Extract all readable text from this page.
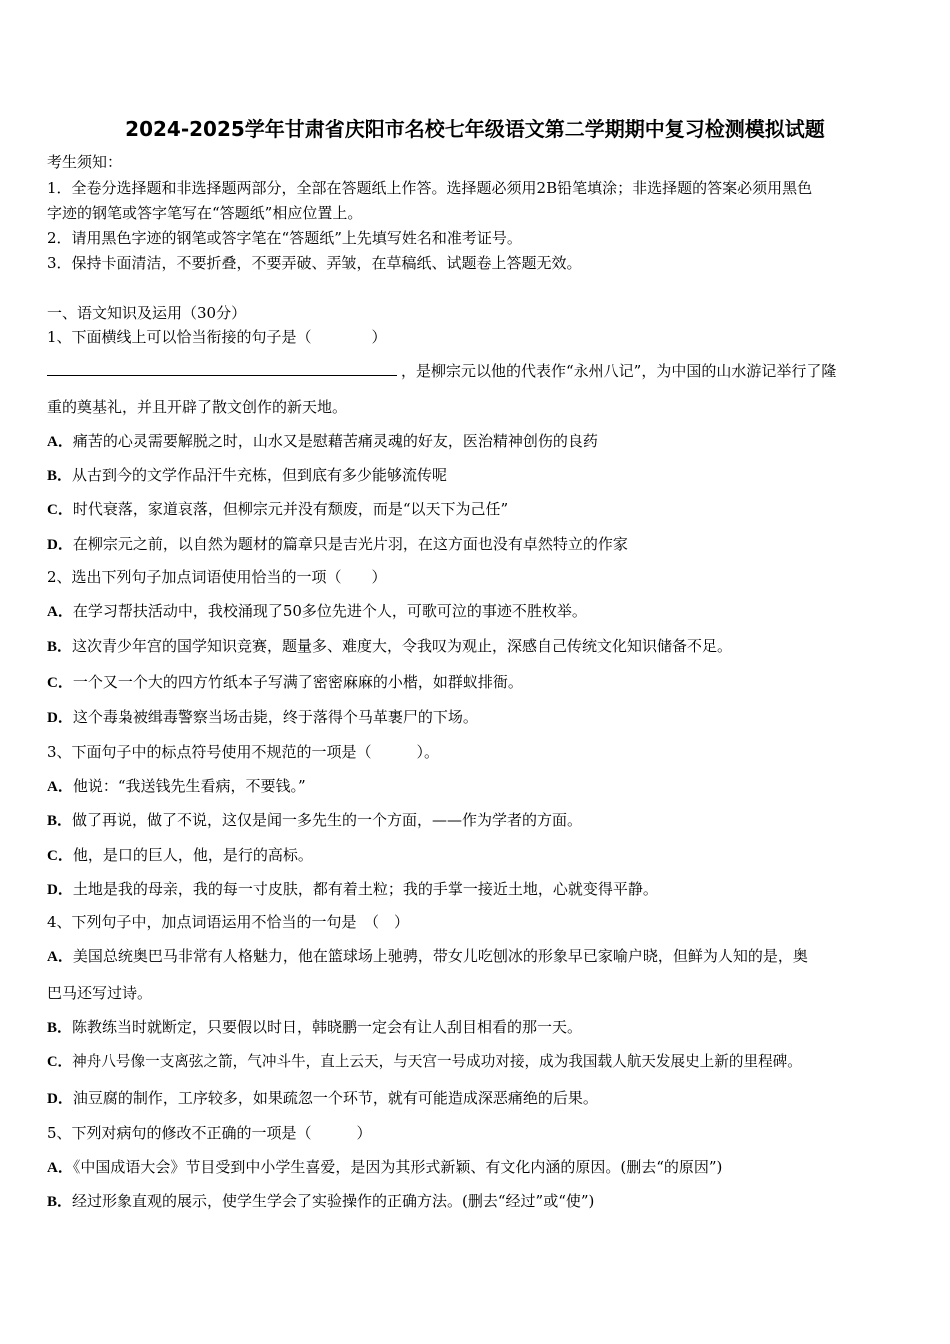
2024-2025学年甘肃省庆阳市名校七年级语文第二学期期中复习检测模拟试题
考生须知：
1．全卷分选择题和非选择题两部分，全部在答题纸上作答。选择题必须用2B铅笔填涂；非选择题的答案必须用黑色
字迹的钢笔或答字笔写在“答题纸”相应位置上。
2．请用黑色字迹的钢笔或答字笔在“答题纸”上先填写姓名和准考证号。
3．保持卡面清洁，不要折叠，不要弄破、弄皱，在草稿纸、试题卷上答题无效。
一、语文知识及运用（30分）
1、下面横线上可以恰当衔接的句子是（　　　　）
，是柳宗元以他的代表作“永州八记”，为中国的山水游记举行了隆
重的奠基礼，并且开辟了散文创作的新天地。
A．痛苦的心灵需要解脱之时，山水又是慰藉苦痛灵魂的好友，医治精神创伤的良药
B．从古到今的文学作品汗牛充栋，但到底有多少能够流传呢
C．时代衰落，家道哀落，但柳宗元并没有颓废，而是“以天下为己任”
D．在柳宗元之前，以自然为题材的篇章只是吉光片羽，在这方面也没有卓然特立的作家
2、选出下列句子加点词语使用恰当的一项（　　）
A．在学习帮扶活动中，我校涌现了50多位先进个人，可歌可泣的事迹不胜枚举。
B．这次青少年宫的国学知识竞赛，题量多、难度大，令我叹为观止，深感自己传统文化知识储备不足。
C．一个又一个大的四方竹纸本子写满了密密麻麻的小楷，如群蚁排衙。
D．这个毒枭被缉毒警察当场击毙，终于落得个马革裹尸的下场。
3、下面句子中的标点符号使用不规范的一项是（　　　）。
A．他说：“我送钱先生看病，不要钱。”
B．做了再说，做了不说，这仅是闻一多先生的一个方面，——作为学者的方面。
C．他，是口的巨人，他，是行的高标。
D．土地是我的母亲，我的每一寸皮肤，都有着土粒；我的手掌一接近土地，心就变得平静。
4、下列句子中，加点词语运用不恰当的一句是　（　）
A．美国总统奥巴马非常有人格魅力，他在篮球场上驰骋，带女儿吃刨冰的形象早已家喻户晓，但鲜为人知的是，奥
巴马还写过诗。
B．陈教练当时就断定，只要假以时日，韩晓鹏一定会有让人刮目相看的那一天。
C．神舟八号像一支离弦之箭，气冲斗牛，直上云天，与天宫一号成功对接，成为我国载人航天发展史上新的里程碑。
D．油豆腐的制作，工序较多，如果疏忽一个环节，就有可能造成深恶痛绝的后果。
5、下列对病句的修改不正确的一项是（　　　）
A．《中国成语大会》节目受到中小学生喜爱，是因为其形式新颖、有文化内涵的原因。(删去“的原因”)
B．经过形象直观的展示，使学生学会了实验操作的正确方法。(删去“经过”或“使”)
